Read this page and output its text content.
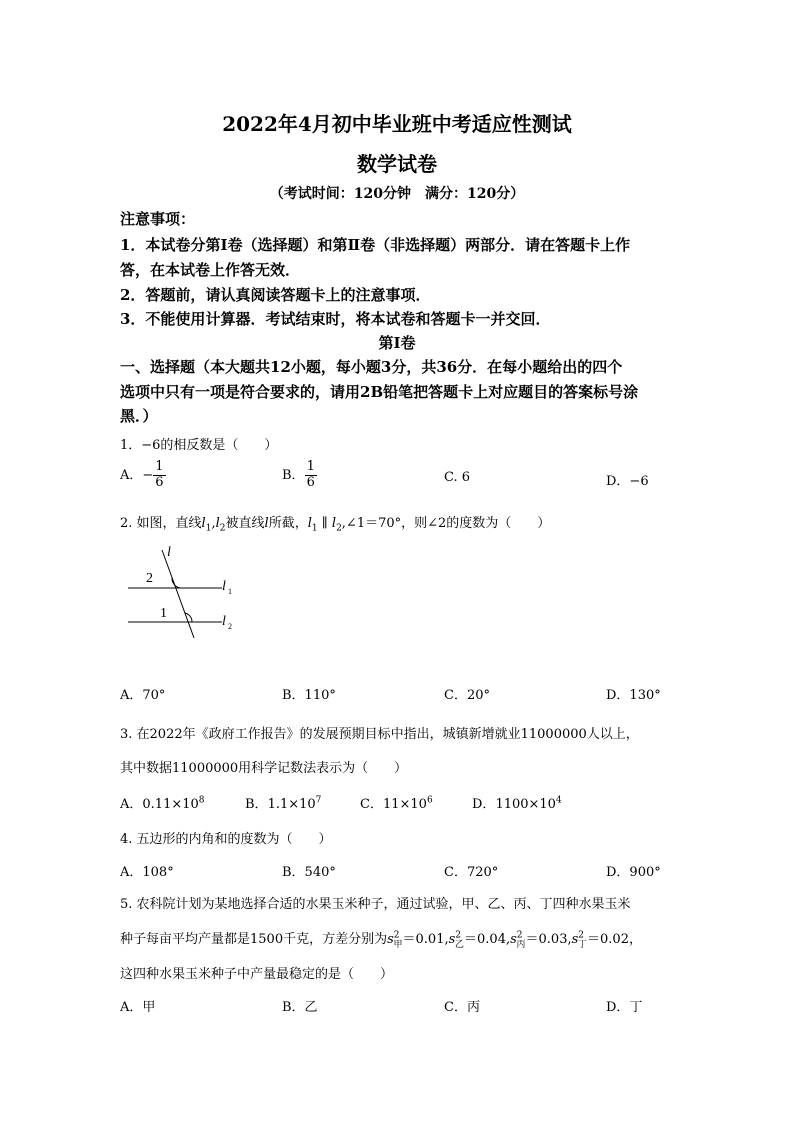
2022年4月初中毕业班中考适应性测试
数学试卷
（考试时间：120分钟　满分：120分）
注意事项：
1．本试卷分第Ⅰ卷（选择题）和第Ⅱ卷（非选择题）两部分．请在答题卡上作
答，在本试卷上作答无效．
2．答题前，请认真阅读答题卡上的注意事项．
3．不能使用计算器．考试结束时，将本试卷和答题卡一并交回．
第Ⅰ卷
一、选择题（本大题共12小题，每小题3分，共36分．在每小题给出的四个
选项中只有一项是符合要求的，请用2B铅笔把答题卡上对应题目的答案标号涂
黑．）
1．−6的相反数是（　　）
A．− $\frac{1}{6}$	B． $\frac{1}{6}$	C. 6	D．−6
2. 如图，直线$l_1,l_2$被直线l所截，$l_1$ ∥ $l_2,\angle 1=70^\circ$，则∠2的度数为（　　）
l
2
1
l 1
l 2
A．70°	B．110°	C．20°	D．130°
3. 在2022年《政府工作报告》的发展预期目标中指出，城镇新增就业11000000人以上，
其中数据11000000用科学记数法表示为（　　）
A．$0.11\times 10^8$	B．$1.1\times 10^7$	C．$11\times 10^6$	D．$1100\times 10^4$
4. 五边形的内角和的度数为（　　）
A．108°	B．540°	C．720°	D．900°
5. 农科院计划为某地选择合适的水果玉米种子，通过试验，甲、乙、丙、丁四种水果玉米
种子每亩平均产量都是1500千克，方差分别为$s^2_甲=0.01,s^2_乙=0.04,s^2_丙=0.03,s^2_丁=0.02$，
这四种水果玉米种子中产量最稳定的是（　　）
A．甲	B．乙	C．丙	D．丁
